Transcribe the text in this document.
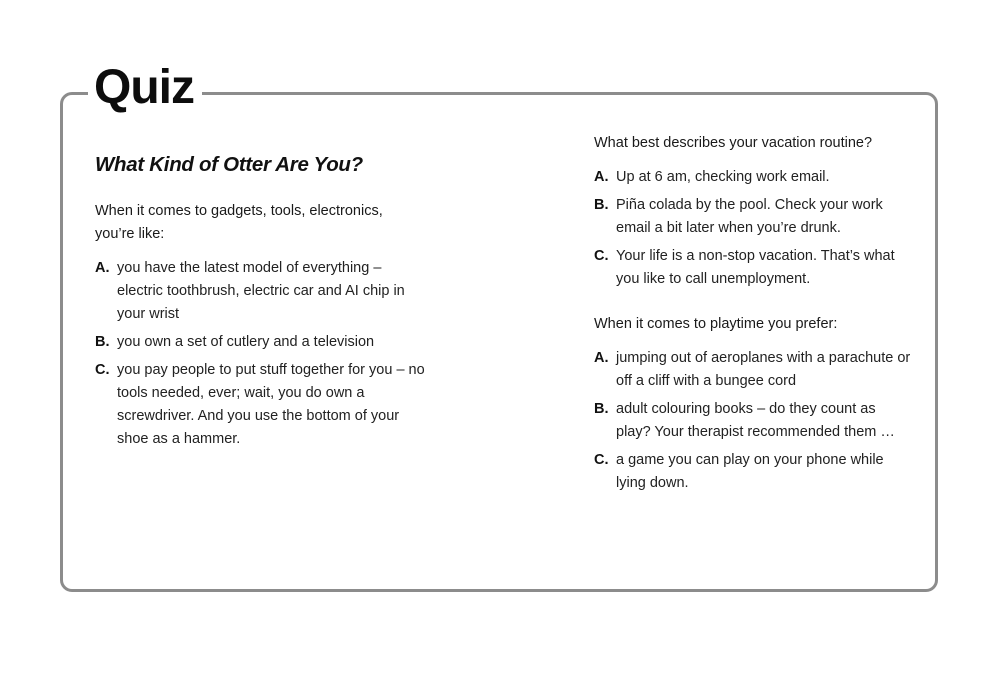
Quiz
What Kind of Otter Are You?

When it comes to gadgets, tools, electronics, you’re like:

A. you have the latest model of everything – electric toothbrush, electric car and AI chip in your wrist
B. you own a set of cutlery and a television
C. you pay people to put stuff together for you – no tools needed, ever; wait, you do own a screwdriver. And you use the bottom of your shoe as a hammer.

What best describes your vacation routine?

A. Up at 6 am, checking work email.
B. Piña colada by the pool. Check your work email a bit later when you’re drunk.
C. Your life is a non-stop vacation. That’s what you like to call unemployment.

When it comes to playtime you prefer:

A. jumping out of aeroplanes with a parachute or off a cliff with a bungee cord
B. adult colouring books – do they count as play? Your therapist recommended them …
C. a game you can play on your phone while lying down.
